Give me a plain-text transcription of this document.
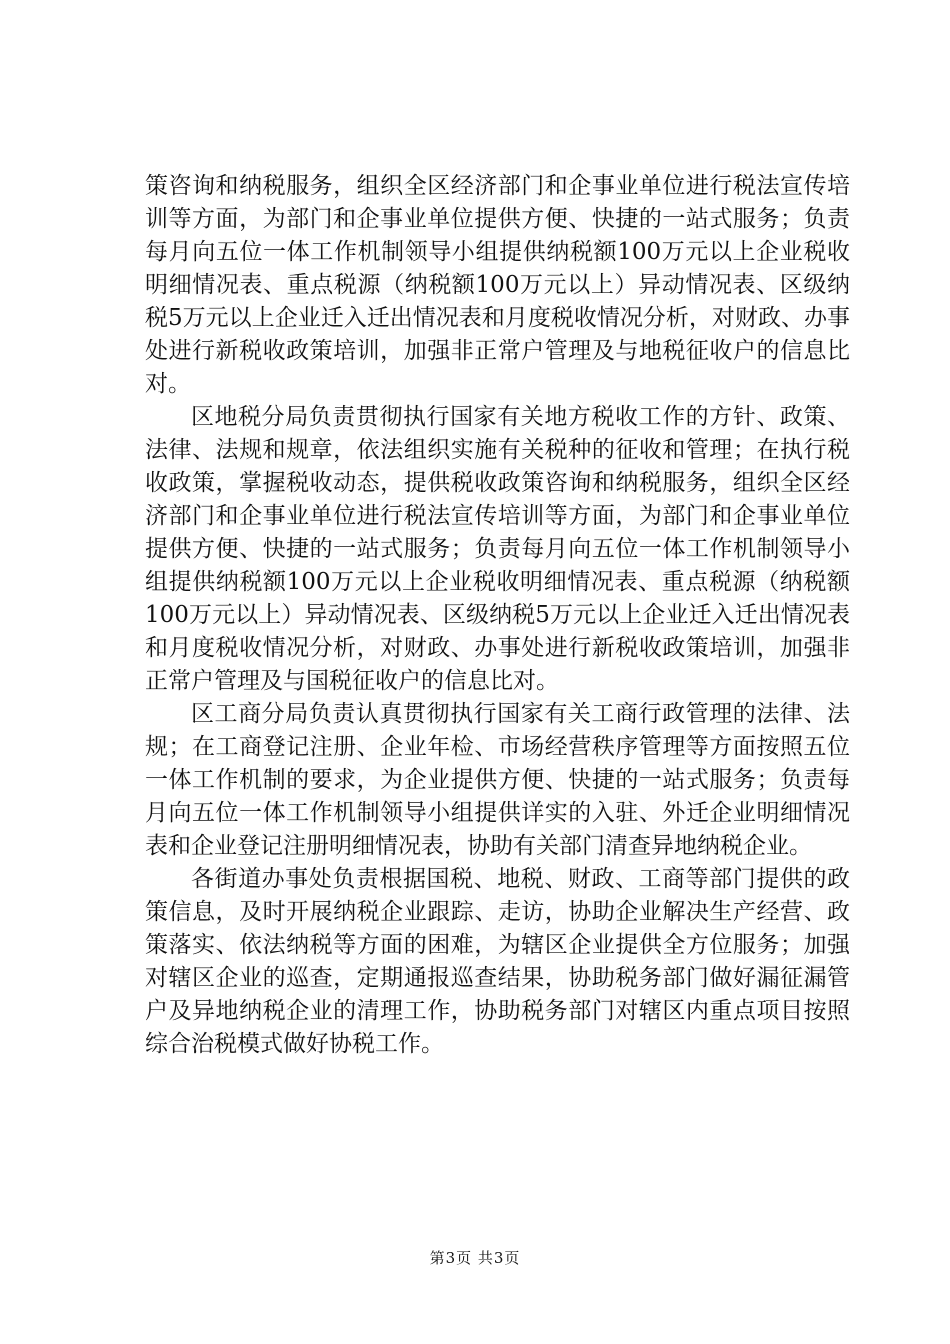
策咨询和纳税服务，组织全区经济部门和企事业单位进行税法宣传培训等方面，为部门和企事业单位提供方便、快捷的一站式服务；负责每月向五位一体工作机制领导小组提供纳税额100万元以上企业税收明细情况表、重点税源（纳税额100万元以上）异动情况表、区级纳税5万元以上企业迁入迁出情况表和月度税收情况分析，对财政、办事处进行新税收政策培训，加强非正常户管理及与地税征收户的信息比对。

区地税分局负责贯彻执行国家有关地方税收工作的方针、政策、法律、法规和规章，依法组织实施有关税种的征收和管理；在执行税收政策，掌握税收动态，提供税收政策咨询和纳税服务，组织全区经济部门和企事业单位进行税法宣传培训等方面，为部门和企事业单位提供方便、快捷的一站式服务；负责每月向五位一体工作机制领导小组提供纳税额100万元以上企业税收明细情况表、重点税源（纳税额100万元以上）异动情况表、区级纳税5万元以上企业迁入迁出情况表和月度税收情况分析，对财政、办事处进行新税收政策培训，加强非正常户管理及与国税征收户的信息比对。

区工商分局负责认真贯彻执行国家有关工商行政管理的法律、法规；在工商登记注册、企业年检、市场经营秩序管理等方面按照五位一体工作机制的要求，为企业提供方便、快捷的一站式服务；负责每月向五位一体工作机制领导小组提供详实的入驻、外迁企业明细情况表和企业登记注册明细情况表，协助有关部门清查异地纳税企业。

各街道办事处负责根据国税、地税、财政、工商等部门提供的政策信息，及时开展纳税企业跟踪、走访，协助企业解决生产经营、政策落实、依法纳税等方面的困难，为辖区企业提供全方位服务；加强对辖区企业的巡查，定期通报巡查结果，协助税务部门做好漏征漏管户及异地纳税企业的清理工作，协助税务部门对辖区内重点项目按照综合治税模式做好协税工作。

第3页 共3页
